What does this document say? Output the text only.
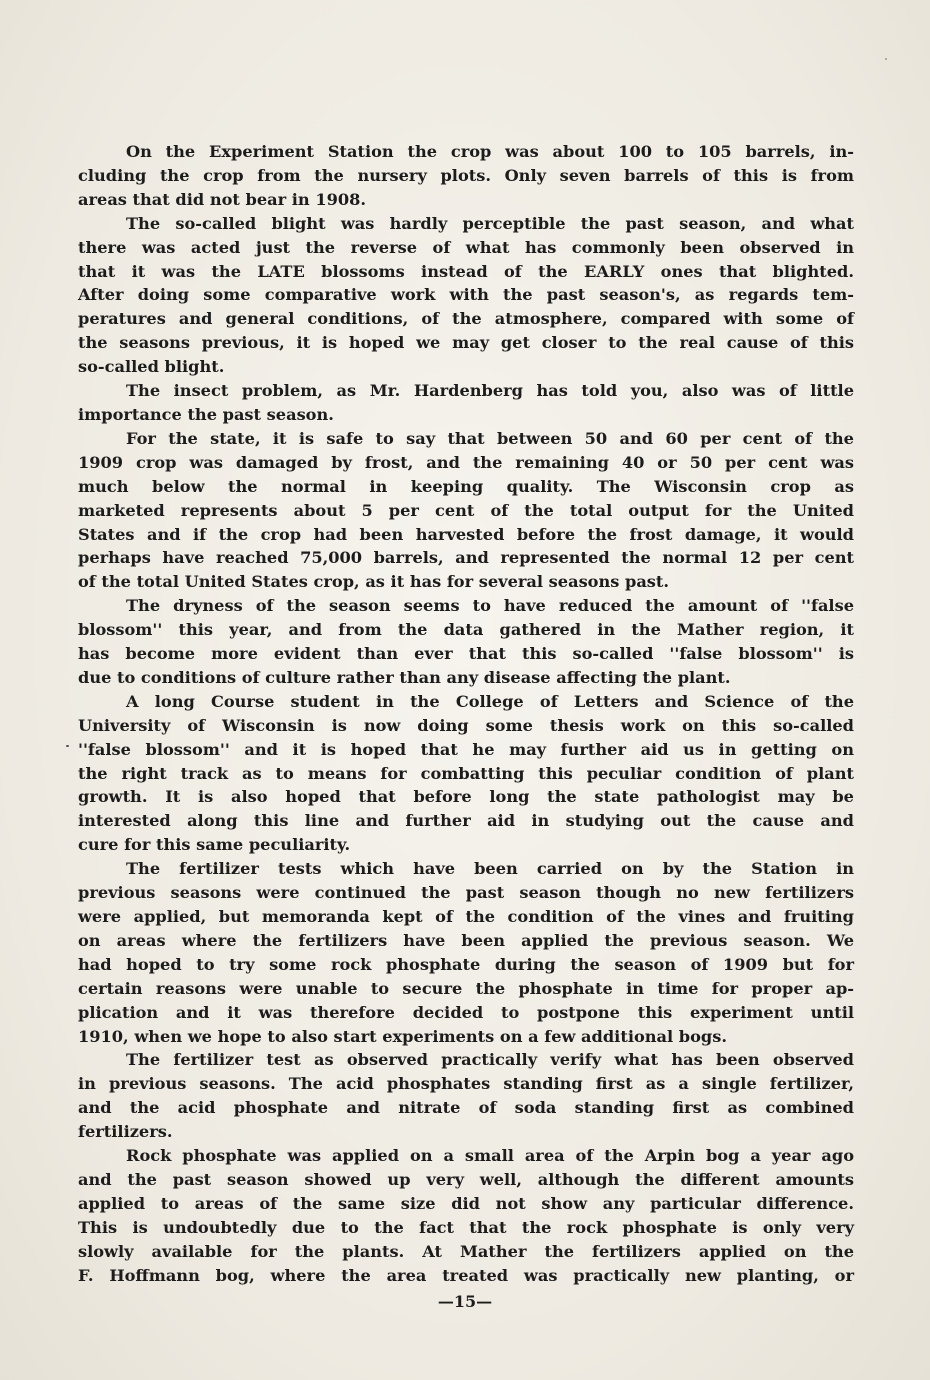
On the Experiment Station the crop was about 100 to 105 barrels, in-
cluding the crop from the nursery plots. Only seven barrels of this is from
areas that did not bear in 1908.
The so-called blight was hardly perceptible the past season, and what
there was acted just the reverse of what has commonly been observed in
that it was the LATE blossoms instead of the EARLY ones that blighted.
After doing some comparative work with the past season's, as regards tem-
peratures and general conditions, of the atmosphere, compared with some of
the seasons previous, it is hoped we may get closer to the real cause of this
so-called blight.
The insect problem, as Mr. Hardenberg has told you, also was of little
importance the past season.
For the state, it is safe to say that between 50 and 60 per cent of the
1909 crop was damaged by frost, and the remaining 40 or 50 per cent was
much below the normal in keeping quality. The Wisconsin crop as
marketed represents about 5 per cent of the total output for the United
States and if the crop had been harvested before the frost damage, it would
perhaps have reached 75,000 barrels, and represented the normal 12 per cent
of the total United States crop, as it has for several seasons past.
The dryness of the season seems to have reduced the amount of ''false
blossom'' this year, and from the data gathered in the Mather region, it
has become more evident than ever that this so-called ''false blossom'' is
due to conditions of culture rather than any disease affecting the plant.
A long Course student in the College of Letters and Science of the
University of Wisconsin is now doing some thesis work on this so-called
''false blossom'' and it is hoped that he may further aid us in getting on
the right track as to means for combatting this peculiar condition of plant
growth. It is also hoped that before long the state pathologist may be
interested along this line and further aid in studying out the cause and
cure for this same peculiarity.
The fertilizer tests which have been carried on by the Station in
previous seasons were continued the past season though no new fertilizers
were applied, but memoranda kept of the condition of the vines and fruiting
on areas where the fertilizers have been applied the previous season. We
had hoped to try some rock phosphate during the season of 1909 but for
certain reasons were unable to secure the phosphate in time for proper ap-
plication and it was therefore decided to postpone this experiment until
1910, when we hope to also start experiments on a few additional bogs.
The fertilizer test as observed practically verify what has been observed
in previous seasons. The acid phosphates standing first as a single fertilizer,
and the acid phosphate and nitrate of soda standing first as combined
fertilizers.
Rock phosphate was applied on a small area of the Arpin bog a year ago
and the past season showed up very well, although the different amounts
applied to areas of the same size did not show any particular difference.
This is undoubtedly due to the fact that the rock phosphate is only very
slowly available for the plants. At Mather the fertilizers applied on the
F. Hoffmann bog, where the area treated was practically new planting, or
—15—
